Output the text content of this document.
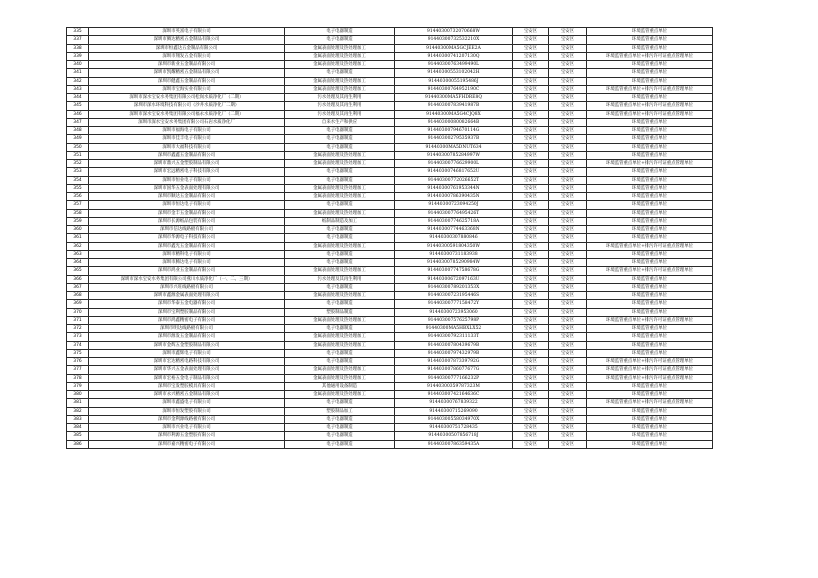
335	深圳市英富电子有限公司	电子电器制造	91440300732070668W	宝安区	宝安区	环境监管重点单位
337	深圳市腾达精密五金制品有限公司	电子电器制造	91440300732532210X	宝安区	宝安区	环境监管重点单位
338	深圳市恒鑫达五金制品有限公司	金属表面处理及热处理加工	91440300MA5GCJEE2A	宝安区	宝安区	环境监管重点单位
339	深圳市翔发五金有限公司	金属表面处理及热处理加工	91440300741207130Q	宝安区	宝安区	环境监管重点单位+排污许可证重点管理单位
340	深圳市新业五金制品有限公司	金属表面处理及热处理加工	91440300763499490L	宝安区	宝安区	环境监管重点单位
341	深圳市凯耀精密五金制品有限公司	电子电器制造	91440300553102042H	宝安区	宝安区	环境监管重点单位
342	深圳市健鑫五金制品有限公司	金属表面处理及热处理加工	91440300055195486J	宝安区	宝安区	环境监管重点单位
343	深圳市宝海实业有限公司	金属表面处理及热处理加工	91440300764952190C	宝安区	宝安区	环境监管重点单位+排污许可证重点管理单位
344	深圳市深水宝安水务集团有限公司松岗水质净化厂（二期）	污水处理及其再生利用	91440300MA5FHDRE8Q	宝安区	宝安区	环境监管重点单位
345	深圳市深水环境科技有限公司（沙井水质净化厂二期）	污水处理及其再生利用	91440300783941987B	宝安区	宝安区	环境监管重点单位+排污许可证重点管理单位
346	深圳市深水宝安水务集团有限公司福永水质净化厂（二期）	污水处理及其再生利用	91440300MA5G4CJQ8X	宝安区	宝安区	环境监管重点单位+排污许可证重点管理单位
347	深圳市深水宝安水务集团有限公司石岩水质净化厂	自来水生产和供应	91440300080082664B	宝安区	宝安区	环境监管重点单位
348	深圳市福海电子有限公司	电子电器制造	91440300794670114G	宝安区	宝安区	环境监管重点单位
349	深圳市佳丰电子有限公司	电子电器制造	91440300279535937B	宝安区	宝安区	环境监管重点单位
350	深圳市大福科技有限公司	电子电器制造	91440300MA5DNUT634	宝安区	宝安区	环境监管重点单位
351	深圳市鑫鑫五金制品有限公司	金属表面处理及热处理加工	91440300785284997W	宝安区	宝安区	环境监管重点单位
352	深圳市鼎兴五金塑胶制品有限公司	金属表面处理及热处理加工	91440300776629900L	宝安区	宝安区	环境监管重点单位+排污许可证重点管理单位
353	深圳市宏远精密电子科技有限公司	电子电器制造	91440300746817652U	宝安区	宝安区	环境监管重点单位
354	深圳市恒业电子有限公司	电子电器制造	91440300772026652T	宝安区	宝安区	环境监管重点单位
355	深圳市国华五金表面处理有限公司	金属表面处理及热处理加工	91440300761953344N	宝安区	宝安区	环境监管重点单位
356	深圳市顺达五金制品有限公司	金属表面处理及热处理加工	91440300786390435N	宝安区	宝安区	环境监管重点单位
357	深圳市恒达电子有限公司	电子电器制造	91440300723094250J	宝安区	宝安区	环境监管重点单位
358	深圳市金丰五金制品有限公司	金属表面处理及热处理加工	91440300776495426T	宝安区	宝安区	环境监管重点单位
359	深圳市长源纸品包装有限公司	纸制品制造及加工	91440300774625718A	宝安区	宝安区	环境监管重点单位
360	深圳市信达线路板有限公司	电子电器制造	91440300774463368N	宝安区	宝安区	环境监管重点单位
361	深圳市华源电子科技有限公司	电子电器制造	91440300307880846	宝安区	宝安区	环境监管重点单位
362	深圳市鑫光五金制品有限公司	金属表面处理及热处理加工	91440300591804350W	宝安区	宝安区	环境监管重点单位+排污许可证重点管理单位
363	深圳市精科电子有限公司	电子电器制造	91440300731183938	宝安区	宝安区	环境监管重点单位
364	深圳市腾达电子有限公司	电子电器制造	91440300785290984W	宝安区	宝安区	环境监管重点单位
365	深圳市鸿业五金制品有限公司	金属表面处理及热处理加工	91440300774758678G	宝安区	宝安区	环境监管重点单位+排污许可证重点管理单位
366	深圳市深水宝安水务集团有限公司燕川水质净化厂（一、二、三期）	污水处理及其再生利用	91440300672097163U	宝安区	宝安区	环境监管重点单位
367	深圳市兴旺线路板有限公司	电子电器制造	91440300789201353X	宝安区	宝安区	环境监管重点单位
368	深圳市鑫源金属表面处理有限公司	金属表面处理及热处理加工	91440300723195446S	宝安区	宝安区	环境监管重点单位
369	深圳市华泰五金电器有限公司	电子电器制造	91440300777158472Y	宝安区	宝安区	环境监管重点单位
370	深圳市宝利塑胶制品有限公司	塑胶制品制造	91440300723953060	宝安区	宝安区	环境监管重点单位
371	深圳市鸿鑫精密电子有限公司	金属表面处理及热处理加工	91440300757625798P	宝安区	宝安区	环境监管重点单位+排污许可证重点管理单位
372	深圳市明达线路板有限公司	电子电器制造	91440300MA5HBXLX52	宝安区	宝安区	环境监管重点单位
373	深圳市源发五金制品有限公司	金属表面处理及热处理加工	91440300792311133T	宝安区	宝安区	环境监管重点单位
374	深圳市金辉五金塑胶制品有限公司	金属表面处理及热处理加工	91440300780439679B	宝安区	宝安区	环境监管重点单位
375	深圳市鑫辉电子有限公司	电子电器制造	91440300797432979B	宝安区	宝安区	环境监管重点单位
376	深圳市宏达精密电路科技有限公司	电子电器制造	91440300787339792G	宝安区	宝安区	环境监管重点单位+排污许可证重点管理单位
377	深圳市华兴五金表面处理有限公司	金属表面处理及热处理加工	91440300786077677G	宝安区	宝安区	环境监管重点单位+排污许可证重点管理单位
378	深圳市宏裕五金电子制品有限公司	金属表面处理及热处理加工	91440300777166232P	宝安区	宝安区	环境监管重点单位+排污许可证重点管理单位
379	深圳市宝发塑胶模具有限公司	其他通用设备制造	91440300359787323M	宝安区	宝安区	环境监管重点单位
380	深圳市永兴精密五金制品有限公司	金属表面处理及热处理加工	91440300742164636C	宝安区	宝安区	环境监管重点单位
381	深圳市鑫盛电子有限公司	电子电器制造	91440300767839322	宝安区	宝安区	环境监管重点单位+排污许可证重点管理单位
382	深圳市恒发塑胶有限公司	塑胶制品加工	91440300715269090	宝安区	宝安区	环境监管重点单位
383	深圳市金利源线路板有限公司	电子电器制造	91440300558034970X	宝安区	宝安区	环境监管重点单位
384	深圳市兴业电子有限公司	电子电器制造	91440300751728435	宝安区	宝安区	环境监管重点单位
385	深圳市利源五金塑胶有限公司	电子电器制造	91440300507856718J	宝安区	宝安区	环境监管重点单位
386	深圳市嘉兴精密电子有限公司	电子电器制造	91440300786359435A	宝安区	宝安区	环境监管重点单位
